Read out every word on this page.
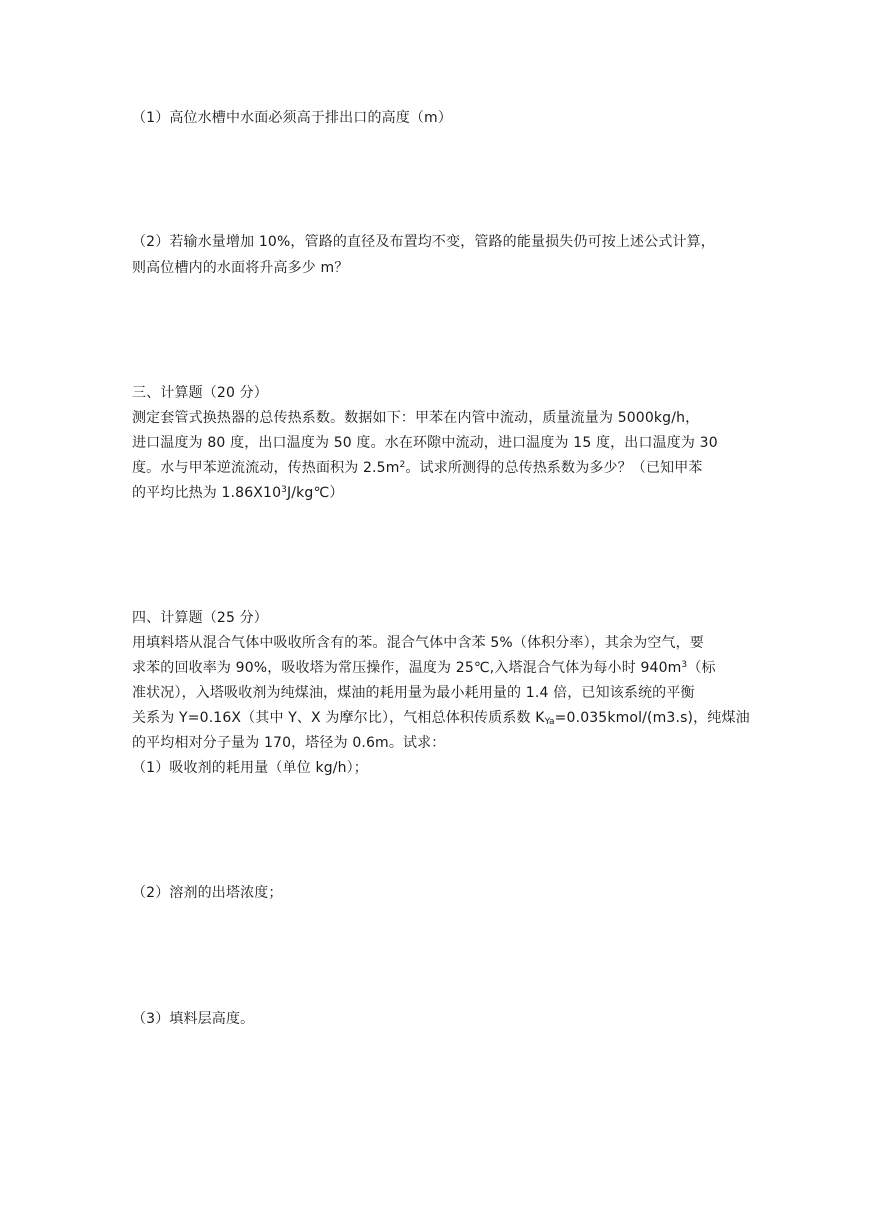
（1）高位水槽中水面必须高于排出口的高度（m）
（2）若输水量增加 10%，管路的直径及布置均不变，管路的能量损失仍可按上述公式计算，
则高位槽内的水面将升高多少 m？
三、计算题（20 分）
测定套管式换热器的总传热系数。数据如下：甲苯在内管中流动，质量流量为 5000kg/h，
进口温度为 80 度，出口温度为 50 度。水在环隙中流动，进口温度为 15 度，出口温度为 30
度。水与甲苯逆流流动，传热面积为 $2.5m^2$。试求所测得的总传热系数为多少？（已知甲苯
的平均比热为 $1.86X10^3J/kg℃$）
四、计算题（25 分）
用填料塔从混合气体中吸收所含有的苯。混合气体中含苯 5%（体积分率），其余为空气，要
求苯的回收率为 90%，吸收塔为常压操作，温度为 25℃,入塔混合气体为每小时 $940m^3$（标
准状况），入塔吸收剂为纯煤油，煤油的耗用量为最小耗用量的 1.4 倍，已知该系统的平衡
关系为 Y=0.16X（其中 Y、X 为摩尔比），气相总体积传质系数 $K_{Ya}=0.035kmol/(m3.s)$，纯煤油
的平均相对分子量为 170，塔径为 0.6m。试求：
（1）吸收剂的耗用量（单位 kg/h）；
（2）溶剂的出塔浓度；
（3）填料层高度。
